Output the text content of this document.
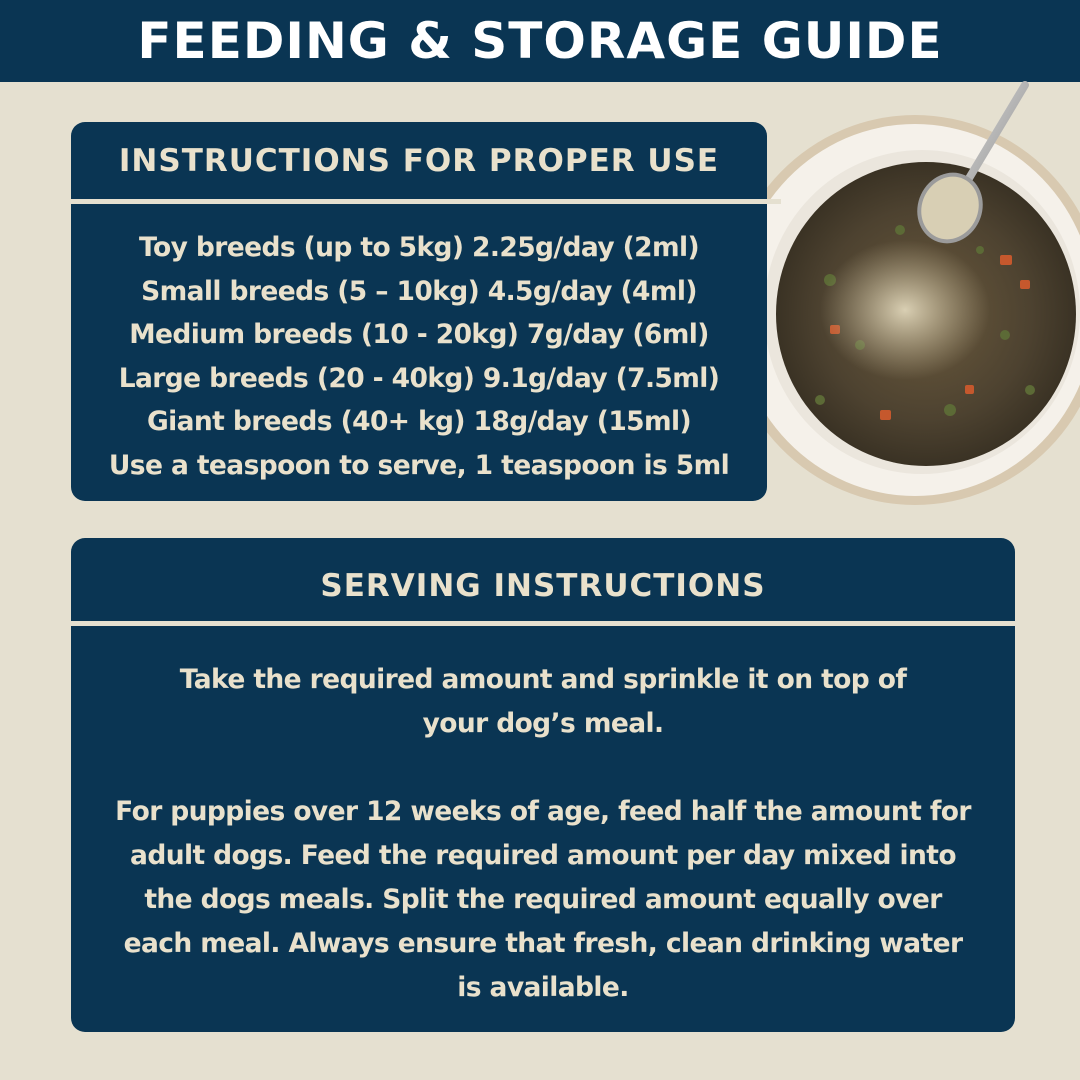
FEEDING & STORAGE GUIDE
INSTRUCTIONS FOR PROPER USE
Toy breeds (up to 5kg) 2.25g/day (2ml)
Small breeds (5 – 10kg) 4.5g/day (4ml)
Medium breeds (10 - 20kg) 7g/day (6ml)
Large breeds (20 - 40kg) 9.1g/day (7.5ml)
Giant breeds (40+ kg) 18g/day (15ml)
Use a teaspoon to serve, 1 teaspoon is 5ml
SERVING INSTRUCTIONS

Take the required amount and sprinkle it on top of your dog’s meal.

For puppies over 12 weeks of age, feed half the amount for adult dogs. Feed the required amount per day mixed into the dogs meals. Split the required amount equally over each meal. Always ensure that fresh, clean drinking water is available.
